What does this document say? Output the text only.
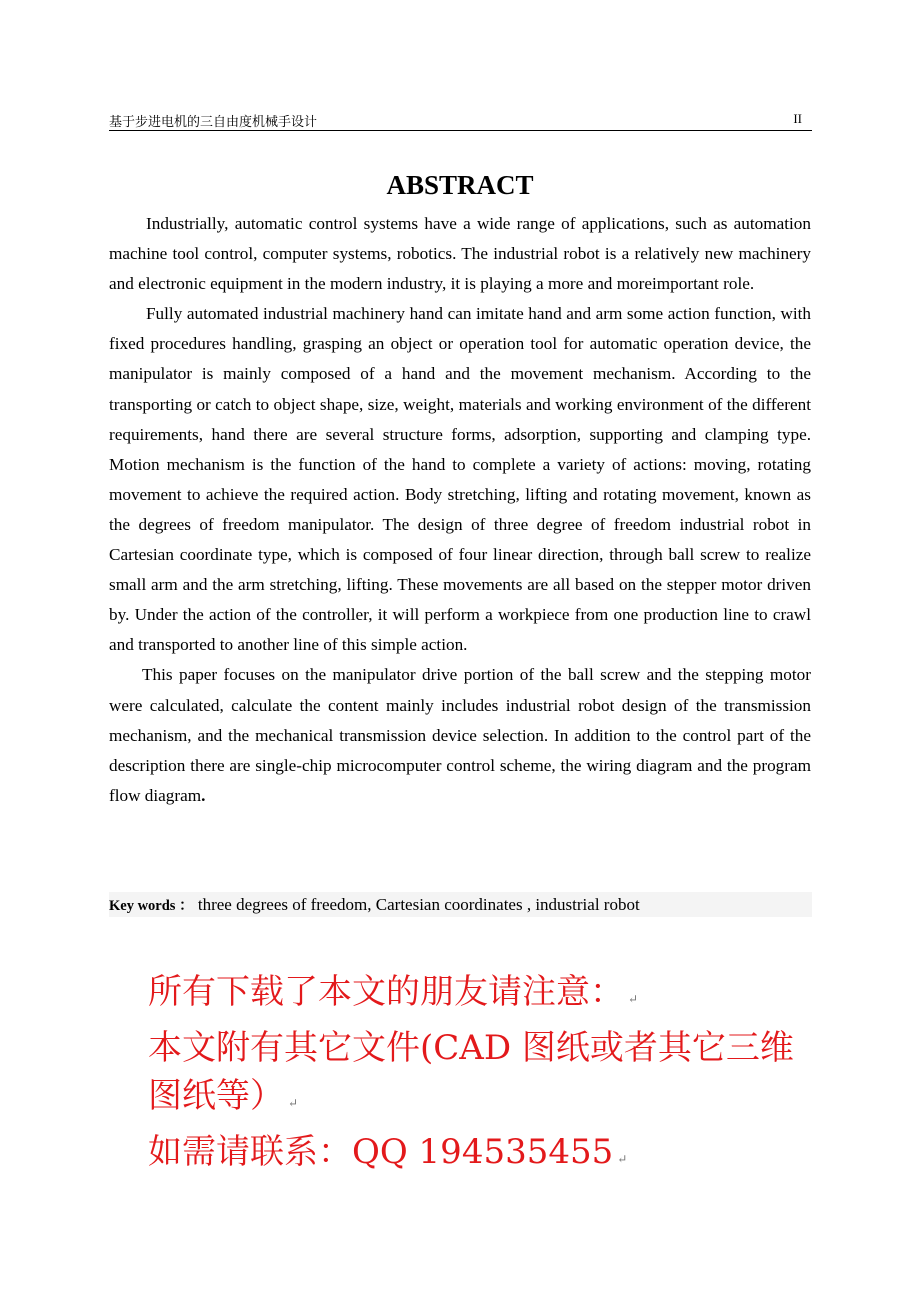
基于步进电机的三自由度机械手设计	II
ABSTRACT

Industrially, automatic control systems have a wide range of applications, such as automation machine tool control, computer systems, robotics. The industrial robot is a relatively new machinery and electronic equipment in the modern industry, it is playing a more and moreimportant role.

Fully automated industrial machinery hand can imitate hand and arm some action function, with fixed procedures handling, grasping an object or operation tool for automatic operation device, the manipulator is mainly composed of a hand and the movement mechanism. According to the transporting or catch to object shape, size, weight, materials and working environment of the different requirements, hand there are several structure forms, adsorption, supporting and clamping type. Motion mechanism is the function of the hand to complete a variety of actions: moving, rotating movement to achieve the required action. Body stretching, lifting and rotating movement, known as the degrees of freedom manipulator. The design of three degree of freedom industrial robot in Cartesian coordinate type, which is composed of four linear direction, through ball screw to realize small arm and the arm stretching, lifting. These movements are all based on the stepper motor driven by. Under the action of the controller, it will perform a workpiece from one production line to crawl and transported to another line of this simple action.

This paper focuses on the manipulator drive portion of the ball screw and the stepping motor were calculated, calculate the content mainly includes industrial robot design of the transmission mechanism, and the mechanical transmission device selection. In addition to the control part of the description there are single-chip microcomputer control scheme, the wiring diagram and the program flow diagram.

Key words ： three degrees of freedom, Cartesian coordinates , industrial robot
所有下载了本文的朋友请注意： ↵
本文附有其它文件(CAD 图纸或者其它三维
图纸等） ↵
如需请联系：QQ 194535455 ↵
